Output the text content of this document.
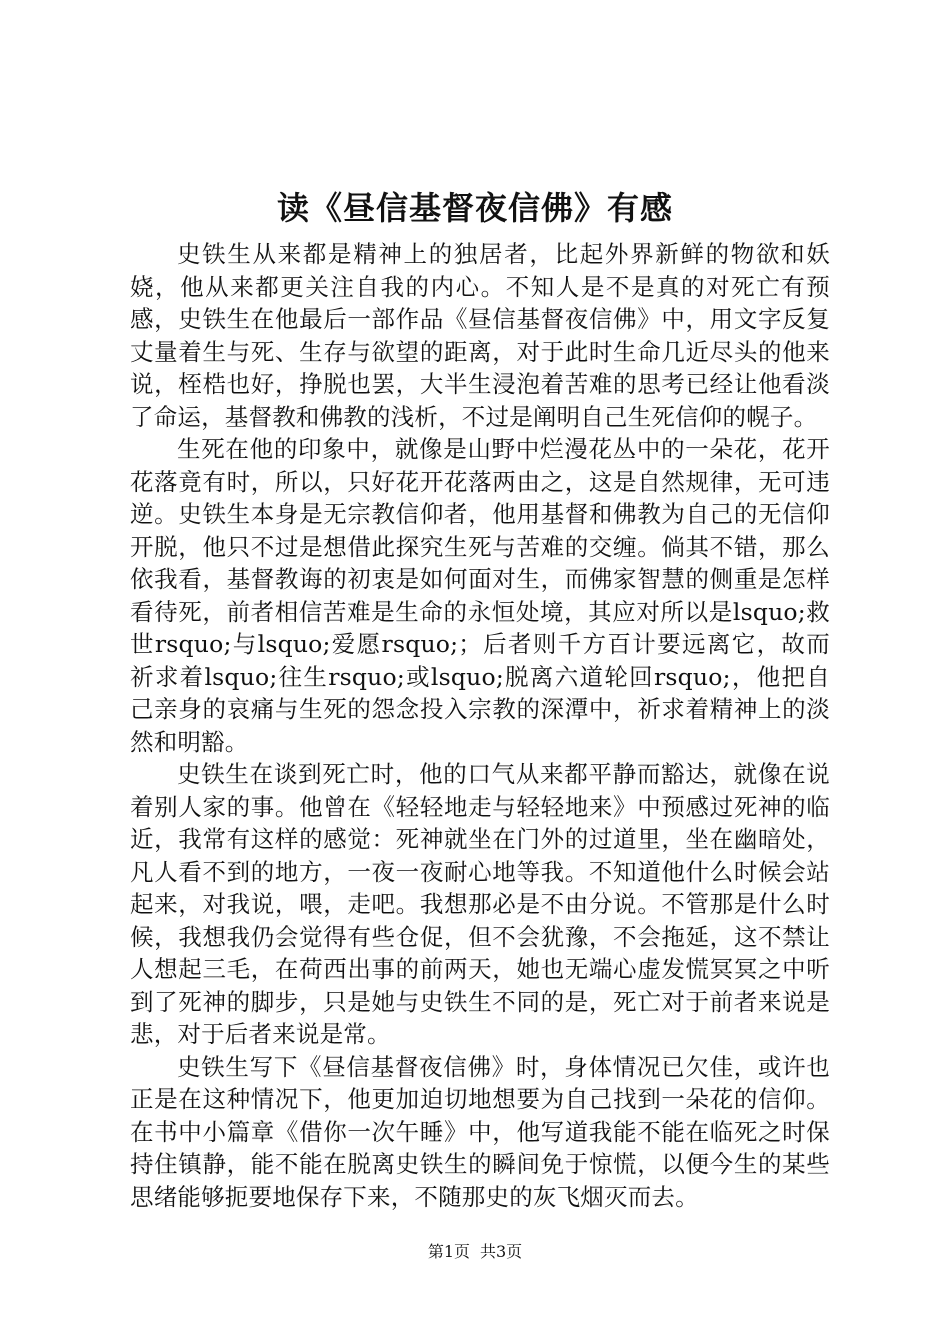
读《昼信基督夜信佛》有感

史铁生从来都是精神上的独居者，比起外界新鲜的物欲和妖娆，他从来都更关注自我的内心。不知人是不是真的对死亡有预感，史铁生在他最后一部作品《昼信基督夜信佛》中，用文字反复丈量着生与死、生存与欲望的距离，对于此时生命几近尽头的他来说，桎梏也好，挣脱也罢，大半生浸泡着苦难的思考已经让他看淡了命运，基督教和佛教的浅析，不过是阐明自己生死信仰的幌子。

生死在他的印象中，就像是山野中烂漫花丛中的一朵花，花开花落竟有时，所以，只好花开花落两由之，这是自然规律，无可违逆。史铁生本身是无宗教信仰者，他用基督和佛教为自己的无信仰开脱，他只不过是想借此探究生死与苦难的交缠。倘其不错，那么依我看，基督教诲的初衷是如何面对生，而佛家智慧的侧重是怎样看待死，前者相信苦难是生命的永恒处境，其应对所以是lsquo;救世rsquo;与lsquo;爱愿rsquo;；后者则千方百计要远离它，故而祈求着lsquo;往生rsquo;或lsquo;脱离六道轮回rsquo;，他把自己亲身的哀痛与生死的怨念投入宗教的深潭中，祈求着精神上的淡然和明豁。

史铁生在谈到死亡时，他的口气从来都平静而豁达，就像在说着别人家的事。他曾在《轻轻地走与轻轻地来》中预感过死神的临近，我常有这样的感觉：死神就坐在门外的过道里，坐在幽暗处，凡人看不到的地方，一夜一夜耐心地等我。不知道他什么时候会站起来，对我说，喂，走吧。我想那必是不由分说。不管那是什么时候，我想我仍会觉得有些仓促，但不会犹豫，不会拖延，这不禁让人想起三毛，在荷西出事的前两天，她也无端心虚发慌冥冥之中听到了死神的脚步，只是她与史铁生不同的是，死亡对于前者来说是悲，对于后者来说是常。

史铁生写下《昼信基督夜信佛》时，身体情况已欠佳，或许也正是在这种情况下，他更加迫切地想要为自己找到一朵花的信仰。在书中小篇章《借你一次午睡》中，他写道我能不能在临死之时保持住镇静，能不能在脱离史铁生的瞬间免于惊慌，以便今生的某些思绪能够扼要地保存下来，不随那史的灰飞烟灭而去。

第1页 共3页
